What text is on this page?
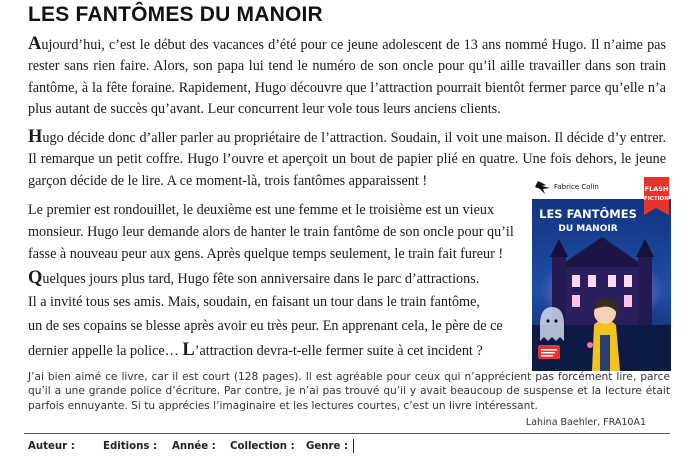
LES FANTÔMES DU MANOIR

Aujourd’hui, c’est le début des vacances d’été pour ce jeune adolescent de 13 ans nommé Hugo. Il n’aime pas rester sans rien faire. Alors, son papa lui tend le numéro de son oncle pour qu’il aille travailler dans son train fantôme, à la fête foraine. Rapidement, Hugo découvre que l’attraction pourrait bientôt fermer parce qu’elle n’a plus autant de succès qu’avant. Leur concurrent leur vole tous leurs anciens clients.

Hugo décide donc d’aller parler au propriétaire de l’attraction. Soudain, il voit une maison. Il décide d’y entrer. Il remarque un petit coffre. Hugo l’ouvre et aperçoit un bout de papier plié en quatre. Une fois dehors, le jeune garçon décide de le lire. A ce moment-là, trois fantômes apparaissent !

Le premier est rondouillet, le deuxième est une femme et le troisième est un vieux

monsieur. Hugo leur demande alors de hanter le train fantôme de son oncle pour qu’il

fasse à nouveau peur aux gens. Après quelque temps seulement, le train fait fureur !

Quelques jours plus tard, Hugo fête son anniversaire dans le parc d’attractions.

Il a invité tous ses amis. Mais, soudain, en faisant un tour dans le train fantôme,

un de ses copains se blesse après avoir eu très peur. En apprenant cela, le père de ce

dernier appelle la police… L’attraction devra-t-elle fermer suite à cet incident ?

Fabrice Colin	FLASH
FICTION
LES FANTÔMES
DU MANOIR

J’ai bien aimé ce livre, car il est court (128 pages). Il est agréable pour ceux qui n’apprécient pas forcément lire, parce qu’il a une grande police d’écriture. Par contre, je n’ai pas trouvé qu’il y avait beaucoup de suspense et la lecture était parfois ennuyante. Si tu apprécies l’imaginaire et les lectures courtes, c’est un livre intéressant.

Lahina Baehler, FRA10A1
Auteur :	Editions : Année : Collection : Genre :
